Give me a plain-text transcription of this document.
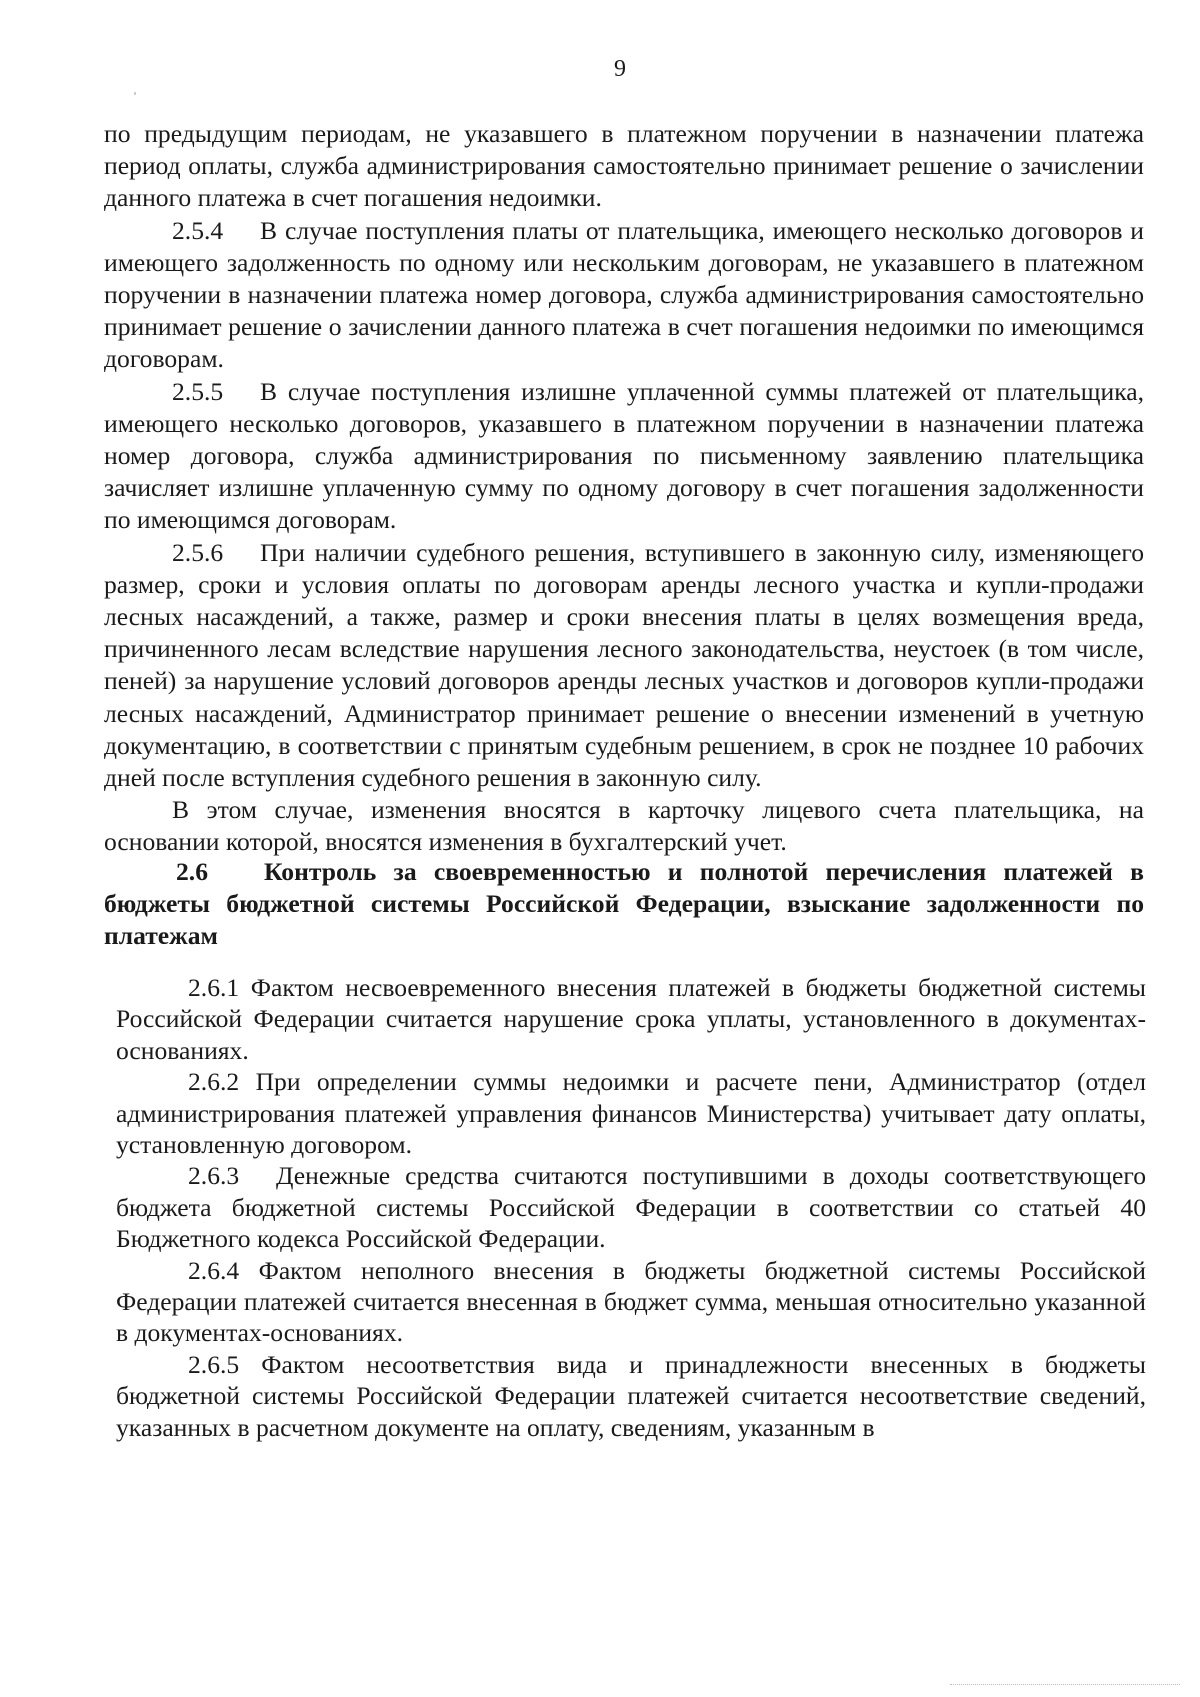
9

по предыдущим периодам, не указавшего в платежном поручении в назначении платежа период оплаты, служба администрирования самостоятельно принимает решение о зачислении данного платежа в счет погашения недоимки.

2.5.4 В случае поступления платы от плательщика, имеющего несколько договоров и имеющего задолженность по одному или нескольким договорам, не указавшего в платежном поручении в назначении платежа номер договора, служба администрирования самостоятельно принимает решение о зачислении данного платежа в счет погашения недоимки по имеющимся договорам.

2.5.5 В случае поступления излишне уплаченной суммы платежей от плательщика, имеющего несколько договоров, указавшего в платежном поручении в назначении платежа номер договора, служба администрирования по письменному заявлению плательщика зачисляет излишне уплаченную сумму по одному договору в счет погашения задолженности по имеющимся договорам.

2.5.6 При наличии судебного решения, вступившего в законную силу, изменяющего размер, сроки и условия оплаты по договорам аренды лесного участка и купли-продажи лесных насаждений, а также, размер и сроки внесения платы в целях возмещения вреда, причиненного лесам вследствие нарушения лесного законодательства, неустоек (в том числе, пеней) за нарушение условий договоров аренды лесных участков и договоров купли-продажи лесных насаждений, Администратор принимает решение о внесении изменений в учетную документацию, в соответствии с принятым судебным решением, в срок не позднее 10 рабочих дней после вступления судебного решения в законную силу.

В этом случае, изменения вносятся в карточку лицевого счета плательщика, на основании которой, вносятся изменения в бухгалтерский учет.

2.6 Контроль за своевременностью и полнотой перечисления платежей в бюджеты бюджетной системы Российской Федерации, взыскание задолженности по платежам

2.6.1 Фактом несвоевременного внесения платежей в бюджеты бюджетной системы Российской Федерации считается нарушение срока уплаты, установленного в документах-основаниях.

2.6.2 При определении суммы недоимки и расчете пени, Администратор (отдел администрирования платежей управления финансов Министерства) учитывает дату оплаты, установленную договором.

2.6.3 Денежные средства считаются поступившими в доходы соответствующего бюджета бюджетной системы Российской Федерации в соответствии со статьей 40 Бюджетного кодекса Российской Федерации.

2.6.4 Фактом неполного внесения в бюджеты бюджетной системы Российской Федерации платежей считается внесенная в бюджет сумма, меньшая относительно указанной в документах-основаниях.

2.6.5 Фактом несоответствия вида и принадлежности внесенных в бюджеты бюджетной системы Российской Федерации платежей считается несоответствие сведений, указанных в расчетном документе на оплату, сведениям, указанным в
